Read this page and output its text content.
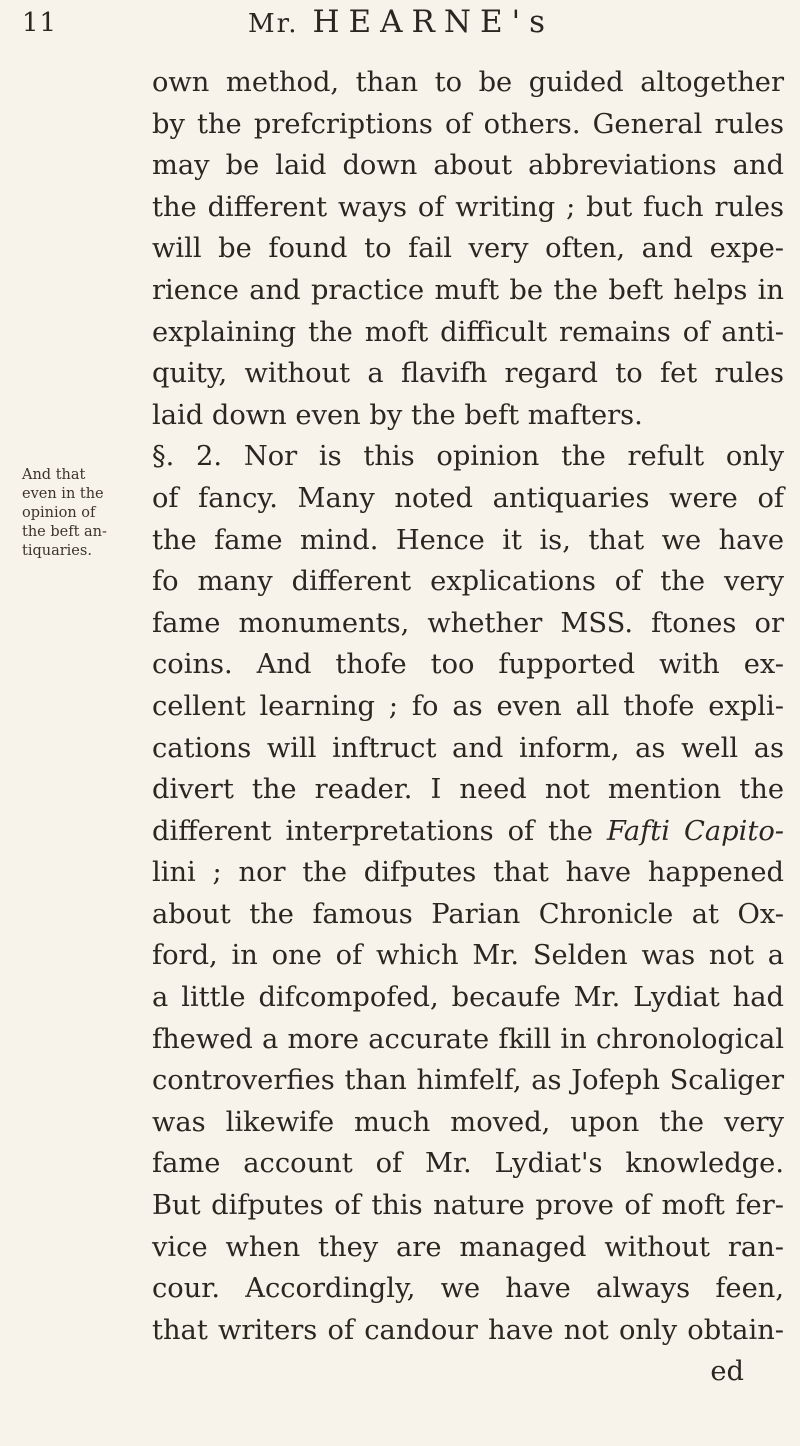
11	Mr. HEARNE's
And that
even in the
opinion of
the beft an-
tiquaries.
own method, than to be guided altogether
by the prefcriptions of others. General rules
may be laid down about abbreviations and
the different ways of writing ; but fuch rules
will be found to fail very often, and expe-
rience and practice muft be the beft helps in
explaining the moft difficult remains of anti-
quity, without a flavifh regard to fet rules
laid down even by the beft mafters.
§. 2. Nor is this opinion the refult only
of fancy. Many noted antiquaries were of
the fame mind. Hence it is, that we have
fo many different explications of the very
fame monuments, whether MSS. ftones or
coins. And thofe too fupported with ex-
cellent learning ; fo as even all thofe expli-
cations will inftruct and inform, as well as
divert the reader. I need not mention the
different interpretations of the Fafti Capito-
lini ; nor the difputes that have happened
about the famous Parian Chronicle at Ox-
ford, in one of which Mr. Selden was not a
a little difcompofed, becaufe Mr. Lydiat had
fhewed a more accurate fkill in chronological
controverfies than himfelf, as Jofeph Scaliger
was likewife much moved, upon the very
fame account of Mr. Lydiat's knowledge.
But difputes of this nature prove of moft fer-
vice when they are managed without ran-
cour. Accordingly, we have always feen,
that writers of candour have not only obtain-
ed
